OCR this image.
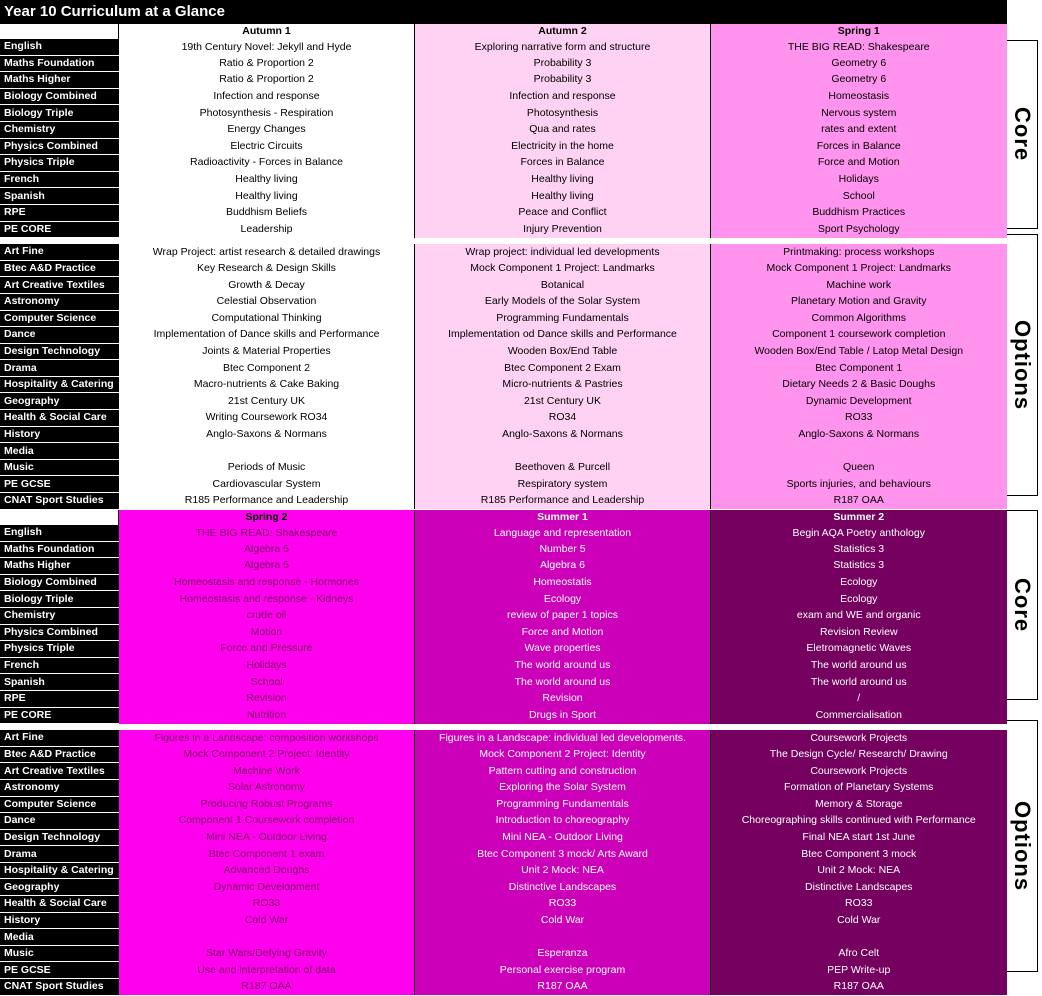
Year 10 Curriculum at a Glance
	Autumn 1	Autumn 2	Spring 1
English	19th Century Novel: Jekyll and Hyde	Exploring narrative form and structure	THE BIG READ: Shakespeare
Maths Foundation	Ratio & Proportion 2	Probability 3	Geometry 6
Maths Higher	Ratio & Proportion 2	Probability 3	Geometry 6
Biology Combined	Infection and response	Infection and response	Homeostasis
Biology Triple	Photosynthesis - Respiration	Photosynthesis	Nervous system
Chemistry	Energy Changes	Qua and rates	rates and extent
Physics Combined	Electric Circuits	Electricity in the home	Forces in Balance
Physics Triple	Radioactivity - Forces in Balance	Forces in Balance	Force and Motion
French	Healthy living	Healthy living	Holidays
Spanish	Healthy living	Healthy living	School
RPE	Buddhism Beliefs	Peace and Conflict	Buddhism Practices
PE CORE	Leadership	Injury Prevention	Sport Psychology

Art Fine	Wrap Project: artist research & detailed drawings	Wrap project: individual led developments	Printmaking: process workshops
Btec A&D Practice	Key Research & Design Skills	Mock Component 1 Project: Landmarks	Mock Component 1 Project: Landmarks
Art Creative Textiles	Growth & Decay	Botanical	Machine work
Astronomy	Celestial Observation	Early Models of the Solar System	Planetary Motion and Gravity
Computer Science	Computational Thinking	Programming Fundamentals	Common Algorithms
Dance	Implementation of Dance skills and Performance	Implementation od Dance skills and Performance	Component 1 coursework completion
Design Technology	Joints & Material Properties	Wooden Box/End Table	Wooden Box/End Table / Latop Metal Design
Drama	Btec Component 2	Btec Component 2 Exam	Btec Component 1
Hospitality & Catering	Macro-nutrients & Cake Baking	Micro-nutrients & Pastries	Dietary Needs 2 & Basic Doughs
Geography	21st Century UK	21st Century UK	Dynamic Development
Health & Social Care	Writing Coursework RO34	RO34	RO33
History	Anglo-Saxons & Normans	Anglo-Saxons & Normans	Anglo-Saxons & Normans
Media			
Music	Periods of Music	Beethoven & Purcell	Queen
PE GCSE	Cardiovascular System	Respiratory system	Sports injuries, and behaviours
CNAT Sport Studies	R185 Performance and Leadership	R185 Performance and Leadership	R187 OAA
Core
Options
	Spring 2	Summer 1	Summer 2
English	THE BIG READ: Shakespeare	Language and representation	Begin AQA Poetry anthology
Maths Foundation	Algebra 5	Number 5	Statistics 3
Maths Higher	Algebra 5	Algebra 6	Statistics 3
Biology Combined	Homeostasis and response - Hormones	Homeostatis	Ecology
Biology Triple	Homeostasis and response - Kidneys	Ecology	Ecology
Chemistry	crude oil	review of paper 1 topics	exam and WE and organic
Physics Combined	Motion	Force and Motion	Revision Review
Physics Triple	Force and Pressure	Wave properties	Eletromagnetic Waves
French	Holidays	The world around us	The world around us
Spanish	School	The world around us	The world around us
RPE	Revision	Revision	/
PE CORE	Nutrition	Drugs in Sport	Commercialisation

Art Fine	Figures in a Landscape: composition workshops	Figures in a Landscape: individual led developments.	Coursework Projects
Btec A&D Practice	Mock Component 2 Project: Identity	Mock Component 2 Project: Identity	The Design Cycle/ Research/ Drawing
Art Creative Textiles	Machine Work	Pattern cutting and construction	Coursework Projects
Astronomy	Solar Astronomy	Exploring the Solar System	Formation of Planetary Systems
Computer Science	Producing Robust Programs	Programming Fundamentals	Memory & Storage
Dance	Component 1 Coursework completion	Introduction to choreography	Choreographing skills continued with Performance
Design Technology	Mini NEA - Outdoor Living	Mini NEA - Outdoor Living	Final NEA start 1st June
Drama	Btec Component 1 exam	Btec Component 3 mock/ Arts Award	Btec Component 3 mock
Hospitality & Catering	Advanced Doughs	Unit 2 Mock: NEA	Unit 2 Mock: NEA
Geography	Dynamic Development	Distinctive Landscapes	Distinctive Landscapes
Health & Social Care	RO33	RO33	RO33
History	Cold War	Cold War	Cold War
Media			
Music	Star Wars/Defying Gravity	Esperanza	Afro Celt
PE GCSE	Use and interpretation of data	Personal exercise program	PEP Write-up
CNAT Sport Studies	R187 OAA	R187 OAA	R187 OAA
Core
Options
